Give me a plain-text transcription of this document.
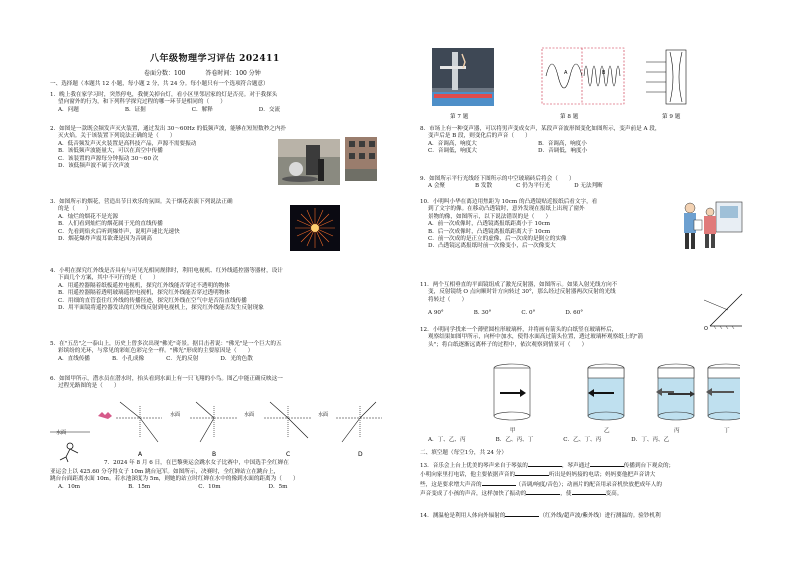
八年级物理学习评估 202411
卷面分数：100	答卷时间：100 分钟
一、选择题（本题共 12 小题，每小题 2 分，共 24 分。每小题只有一个选项符合题意）
1．晚上我在家学习时，突然停电，我便关掉台灯，看小区里邻居家的灯是否亮。对于我探头
望向窗外的行为，和下列科学探究过程的哪一环节是相同的（　　）
A．问题	B．证据	C．解释	D．交流
2．如图是一款既会频发声灭火装置，通过发出 30～60Hz 的低频声波，能够在短短数秒之内扑
灭火焰。关于该装置下列说法正确的是（　　）
A．低音频发声灭火装置是高科技产品，声源不需要振动
B．该低频声波能量大，可以在真空中传播
C．该装置的声源每分钟振动 30～60 次
D．该低频声波不属于次声波
3．如图所示的烟花，营造出节日欢乐的氛围。关于烟花表演下列说法正确
的是（　　）
A．灿烂的烟花不是光源
B．人们看到灿烂的烟花属于光的直线传播
C．先看到焰火后听到爆炸声，说明声速比光速快
D．烟花爆炸声震耳欲聋是因为音调高
4．小明在探究红外线是否具有与可见光相同规律时，利用电视机、红外线遥控器等器材，设计
下面几个方案，其中不可行的是（　　）
A．用遥控器隔着纸板遥控电视机，探究红外线能否穿过不透明的物体
B．用遥控器隔着透明玻璃遥控电视机，探究红外线能否穿过透明物体
C．用细的直管套住红外线的传播径迹，探究红外线在空气中是否沿直线传播
D．用平面镜将遥控器发出的红外线反射到电视机上，探究红外线能否发生反射现象
5．在"五岳"之一泰山上，历史上曾多次出现"佛光"奇景。据目击者说："佛光"是一个巨大的五
彩缤纷的光环，与常见的彩虹色彩完全一样。"佛光"形成的主要原因是（　　）
A．直线传播	B．小孔成像	C．光的反射	D．光的色散
6．如图甲所示，潜水员在潜水时，抬头看到水面上有一只飞翔的小鸟。图乙中能正确反映这一
过程光路图的是（　　）
水面
水面	水面	水面
A	B	C	D
7．2024 年 8 月 6 日，在巴黎奥运会跳水女子比赛中，中国选手全红婵在
亚运会上以 425.60 分夺得女子 10m 跳台冠军。如图所示，决赛时，全红婵站立在跳台上，
跳台台面距离水面 10m。若水池深度为 5m，则她的站立时红婵在水中的像到水面的距离为（　　）
A．10m	B．15m	C．10m	D．5m
A	B
第 7 题	第 8 题	第 9 题
8．市场上有一种变声器，可以将男声变成女声，某段声音波形图变化如图所示，变声前是 A 段，
变声后是 B 段，则变化后的声音（　　）
A．音调高，响度大	B．音调高，响度小
C．音调低，响度大	D．音调低，响度小
9．如图所示平行光线经下图所示的中空玻璃砖后将会（　　）
A 会聚	B 发散	C 仍为平行光	D 无法判断
10．小明叫小华在离边用焦距为 10cm 的凸透镜贴近报纸后看文字，看
到了文字的像。在移动凸透镜时，意外发现在报纸上出现了窗外
景物的像，如图所示，以下说法错误的是（　　）
A．前一次成像时，凸透镜离报纸距离小于 10cm
B．后一次成像时，凸透镜离报纸距离大于 10cm
C．前一次成的是正立的虚像，后一次成的是倒立的实像
D．凸透镜远离报纸时前一次像变小，后一次像变大
11．两个互相垂直的平面镜组成了激光反射器，如图所示。如果入射光线方向不
变，反射镜绕 O 点向顺时针方向转过 30°，那么经过反射器两次反射的光线
将转过（　　）
A 90°	B. 30°	C. 0°	D. 60°
O
12．小明同学找来一个薄壁圆柱形玻璃杯，并将画有箭头的白纸竖在玻璃杯后，
观察结果如图甲所示，向杯中加水，使得水面高过箭头位置，透过玻璃杯观察纸上的"箭
头"；将白纸逐渐远离杯子的过程中，依次观察到情景可（　　）
甲	乙	丙	丁
A．丁、乙、丙	B．乙、丙、丁	C．乙、丁、丙	D．丁、丙、乙
二、填空题（每空1分，共 24 分）
13．音乐会上台上优美的琴声来自于琴弦的	，琴声通过	传播到台下观众的；
小明向家里打电话，他主要依据声音的	听出是妈妈接的电话；妈妈要他把声音讲大
些，这是要求增大声音的	（音调/响度/音色）；动画片的配音用录音机快放把成年人的
声音变成了小孩的声音，这样加快了振动的	，使	变高。
14．测温枪是利用人体向外辐射的	（红外线/超声波/紫外线）进行测温的。验钞机利
